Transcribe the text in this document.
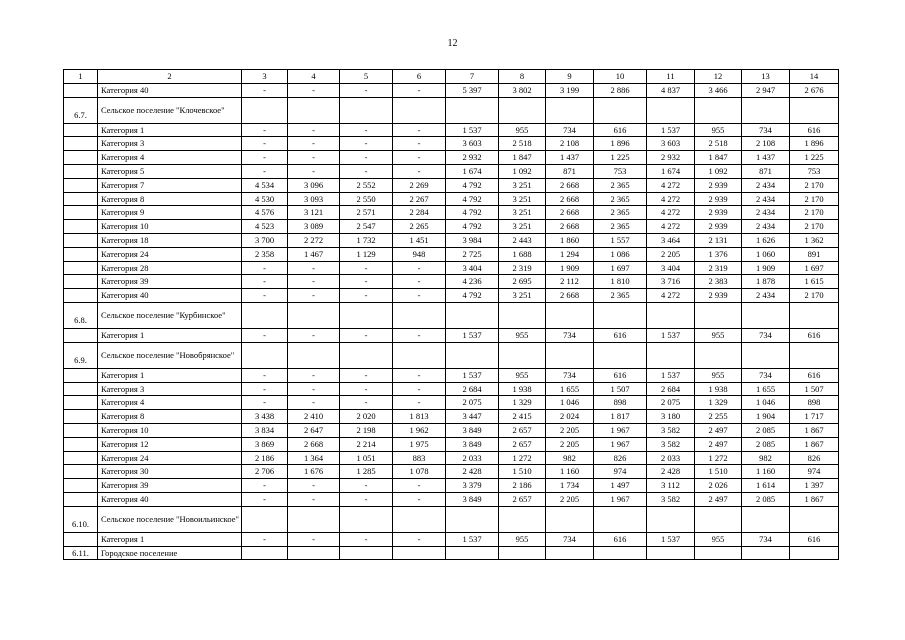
12
1	2	3	4	5	6	7	8	9	10	11	12	13	14
	Категория 40	-	-	-	-	5 397	3 802	3 199	2 886	4 837	3 466	2 947	2 676
6.7.	Сельское поселение "Клочевское"												
	Категория 1	-	-	-	-	1 537	955	734	616	1 537	955	734	616
	Категория 3	-	-	-	-	3 603	2 518	2 108	1 896	3 603	2 518	2 108	1 896
	Категория 4	-	-	-	-	2 932	1 847	1 437	1 225	2 932	1 847	1 437	1 225
	Категория 5	-	-	-	-	1 674	1 092	871	753	1 674	1 092	871	753
	Категория 7	4 534	3 096	2 552	2 269	4 792	3 251	2 668	2 365	4 272	2 939	2 434	2 170
	Категория 8	4 530	3 093	2 550	2 267	4 792	3 251	2 668	2 365	4 272	2 939	2 434	2 170
	Категория 9	4 576	3 121	2 571	2 284	4 792	3 251	2 668	2 365	4 272	2 939	2 434	2 170
	Категория 10	4 523	3 089	2 547	2 265	4 792	3 251	2 668	2 365	4 272	2 939	2 434	2 170
	Категория 18	3 700	2 272	1 732	1 451	3 984	2 443	1 860	1 557	3 464	2 131	1 626	1 362
	Категория 24	2 358	1 467	1 129	948	2 725	1 688	1 294	1 086	2 205	1 376	1 060	891
	Категория 28	-	-	-	-	3 404	2 319	1 909	1 697	3 404	2 319	1 909	1 697
	Категория 39	-	-	-	-	4 236	2 695	2 112	1 810	3 716	2 383	1 878	1 615
	Категория 40	-	-	-	-	4 792	3 251	2 668	2 365	4 272	2 939	2 434	2 170
6.8.	Сельское поселение "Курбинское"												
	Категория 1	-	-	-	-	1 537	955	734	616	1 537	955	734	616
6.9.	Сельское поселение "Новобрянское"												
	Категория 1	-	-	-	-	1 537	955	734	616	1 537	955	734	616
	Категория 3	-	-	-	-	2 684	1 938	1 655	1 507	2 684	1 938	1 655	1 507
	Категория 4	-	-	-	-	2 075	1 329	1 046	898	2 075	1 329	1 046	898
	Категория 8	3 438	2 410	2 020	1 813	3 447	2 415	2 024	1 817	3 180	2 255	1 904	1 717
	Категория 10	3 834	2 647	2 198	1 962	3 849	2 657	2 205	1 967	3 582	2 497	2 085	1 867
	Категория 12	3 869	2 668	2 214	1 975	3 849	2 657	2 205	1 967	3 582	2 497	2 085	1 867
	Категория 24	2 186	1 364	1 051	883	2 033	1 272	982	826	2 033	1 272	982	826
	Категория 30	2 706	1 676	1 285	1 078	2 428	1 510	1 160	974	2 428	1 510	1 160	974
	Категория 39	-	-	-	-	3 379	2 186	1 734	1 497	3 112	2 026	1 614	1 397
	Категория 40	-	-	-	-	3 849	2 657	2 205	1 967	3 582	2 497	2 085	1 867
6.10.	Сельское поселение "Новоильинское"												
	Категория 1	-	-	-	-	1 537	955	734	616	1 537	955	734	616
6.11.	Городское поселение												
